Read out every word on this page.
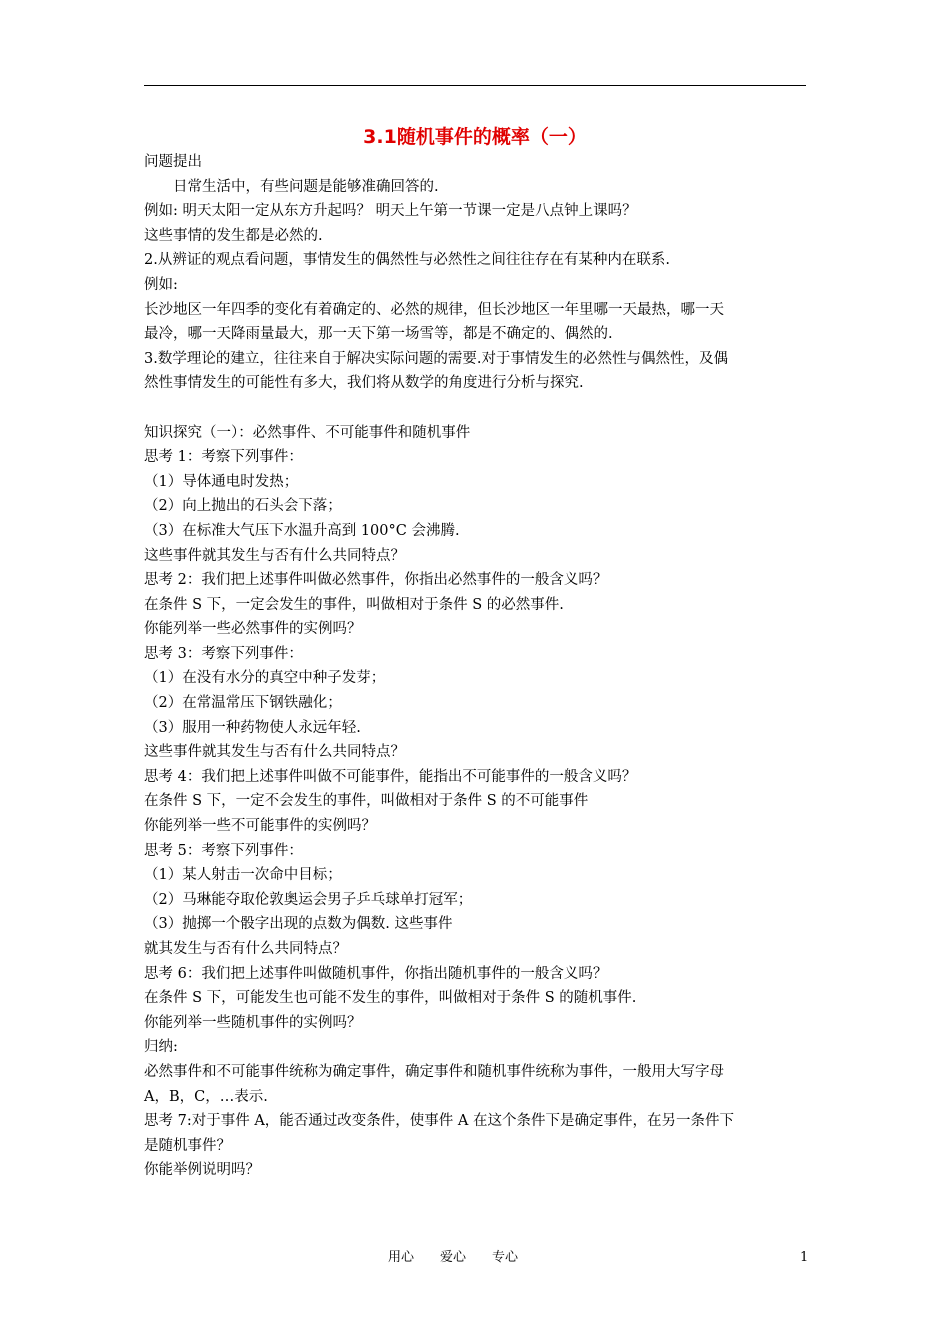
3.1随机事件的概率（一）
问题提出
　　日常生活中，有些问题是能够准确回答的.
例如: 明天太阳一定从东方升起吗？ 明天上午第一节课一定是八点钟上课吗？
这些事情的发生都是必然的.
2.从辨证的观点看问题，事情发生的偶然性与必然性之间往往存在有某种内在联系.
例如:
长沙地区一年四季的变化有着确定的、必然的规律，但长沙地区一年里哪一天最热，哪一天
最冷，哪一天降雨量最大，那一天下第一场雪等，都是不确定的、偶然的.
3.数学理论的建立，往往来自于解决实际问题的需要.对于事情发生的必然性与偶然性，及偶
然性事情发生的可能性有多大，我们将从数学的角度进行分析与探究.
知识探究（一）：必然事件、不可能事件和随机事件
思考 1：考察下列事件：
（1）导体通电时发热；
（2）向上抛出的石头会下落；
（3）在标准大气压下水温升高到 100°C 会沸腾.
这些事件就其发生与否有什么共同特点？
思考 2：我们把上述事件叫做必然事件，你指出必然事件的一般含义吗？
在条件 S 下，一定会发生的事件，叫做相对于条件 S 的必然事件.
你能列举一些必然事件的实例吗？
思考 3：考察下列事件：
（1）在没有水分的真空中种子发芽；
（2）在常温常压下钢铁融化；
（3）服用一种药物使人永远年轻.
这些事件就其发生与否有什么共同特点？
思考 4：我们把上述事件叫做不可能事件，能指出不可能事件的一般含义吗？
在条件 S 下，一定不会发生的事件，叫做相对于条件 S 的不可能事件
你能列举一些不可能事件的实例吗？
思考 5：考察下列事件：
（1）某人射击一次命中目标；
（2）马琳能夺取伦敦奥运会男子乒乓球单打冠军；
（3）抛掷一个骰字出现的点数为偶数. 这些事件
就其发生与否有什么共同特点？
思考 6：我们把上述事件叫做随机事件，你指出随机事件的一般含义吗？
在条件 S 下，可能发生也可能不发生的事件，叫做相对于条件 S 的随机事件.
你能列举一些随机事件的实例吗？
归纳:
必然事件和不可能事件统称为确定事件，确定事件和随机事件统称为事件，一般用大写字母
A，B，C，…表示.
思考 7:对于事件 A，能否通过改变条件，使事件 A 在这个条件下是确定事件，在另一条件下
是随机事件？
你能举例说明吗？
用心　　爱心　　专心	1
